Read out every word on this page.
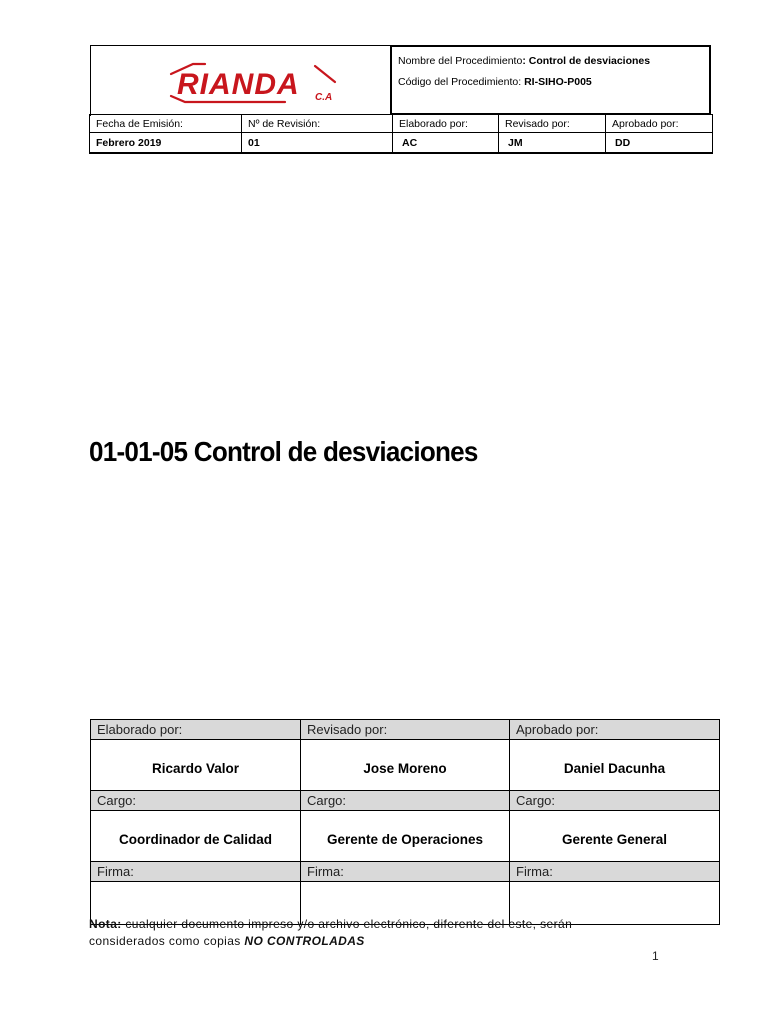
RIANDA C.A
Nombre del Procedimiento: Control de desviaciones
Código del Procedimiento: RI-SIHO-P005
Fecha de Emisión:	Nº de Revisión:	Elaborado por:	Revisado por:	Aprobado por:
Febrero 2019	01	AC	JM	DD
01-01-05 Control de desviaciones
Elaborado por:	Revisado por:	Aprobado por:
Ricardo Valor	Jose Moreno	Daniel Dacunha
Cargo:	Cargo:	Cargo:
Coordinador de Calidad	Gerente de Operaciones	Gerente General
Firma:	Firma:	Firma:

Nota: cualquier documento impreso y/o archivo electrónico, diferente del este, serán
considerados como copias NO CONTROLADAS
1
